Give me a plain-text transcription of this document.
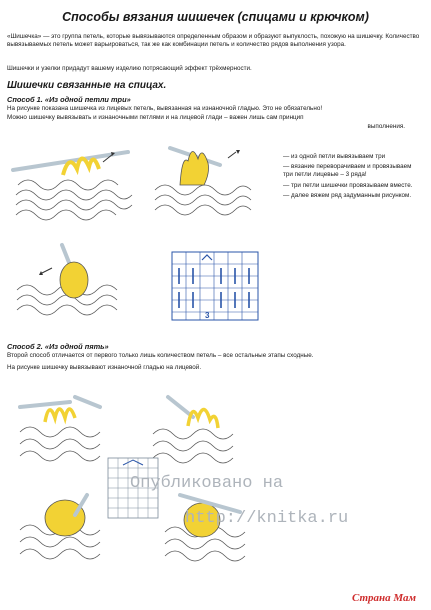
Способы вязания шишечек (спицами и крючком)
«Шишечка» — это группа петель, которые вывязываются определенным образом и образуют выпуклость, похожую на шишечку. Количество вывязываемых петель может варьироваться, так же как комбинации петель и количество рядов выполнения узора.
Шишечки и узелки придадут вашему изделию потрясающий эффект трёхмерности.
Шишечки связанные на спицах.
Способ 1. «Из одной петли три»
На рисунке показана шишечка из лицевых петель, вывязанная на изнаночной гладью. Это не обязательно!
Можно шишечку вывязывать и изнаночными петлями и на лицевой глади – важен лишь сам принцип
выполнения.
— из одной петли вывязываем три
— вязание переворачиваем и провязываем три петли лицевые – 3 ряда!
— три петли шишечки провязываем вместе.
— далее вяжем ряд задуманным рисунком.
3
Способ 2. «Из одной пять»
Второй способ отличается от первого только лишь количеством петель – все остальные этапы сходные.
На рисунке шишечку вывязывают изнаночной гладью на лицевой.
Опубликовано на
http://knitka.ru
Страна Мам
